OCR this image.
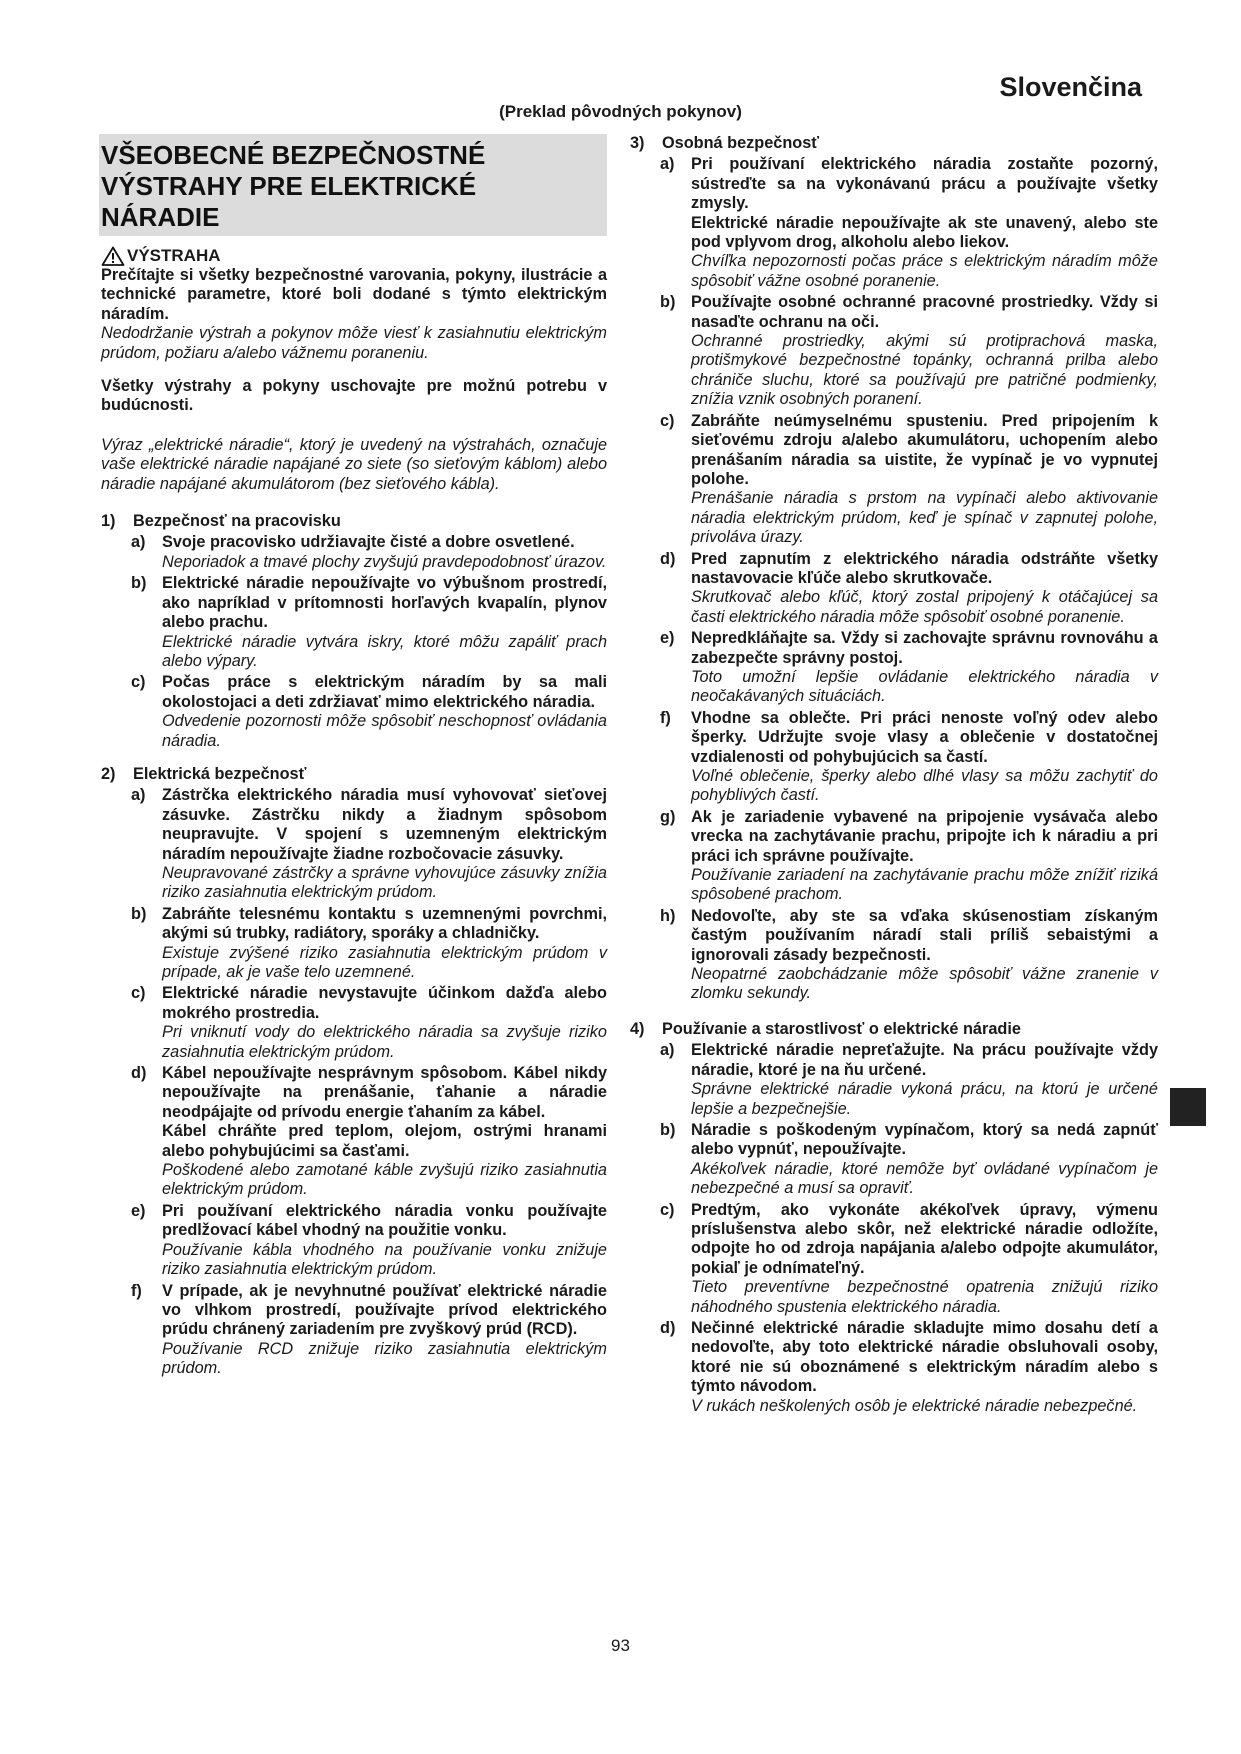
Slovenčina
(Preklad pôvodných pokynov)
VŠEOBECNÉ BEZPEČNOSTNÉ
VÝSTRAHY PRE ELEKTRICKÉ
NÁRADIE
VÝSTRAHA
Prečítajte si všetky bezpečnostné varovania, pokyny, ilustrácie a technické parametre, ktoré boli dodané s týmto elektrickým náradím.
Nedodržanie výstrah a pokynov môže viesť k zasiahnutiu elektrickým prúdom, požiaru a/alebo vážnemu poraneniu.
Všetky výstrahy a pokyny uschovajte pre možnú potrebu v budúcnosti.
Výraz „elektrické náradie“, ktorý je uvedený na výstrahách, označuje vaše elektrické náradie napájané zo siete (so sieťovým káblom) alebo náradie napájané akumulátorom (bez sieťového kábla).
1)	Bezpečnosť na pracovisku
a)	Svoje pracovisko udržiavajte čisté a dobre osvetlené.
Neporiadok a tmavé plochy zvyšujú pravdepodobnosť úrazov.
b) Elektrické náradie nepoužívajte vo výbušnom prostredí, ako napríklad v prítomnosti horľavých kvapalín, plynov alebo prachu.
Elektrické náradie vytvára iskry, ktoré môžu zapáliť prach alebo výpary.
c)	Počas práce s elektrickým náradím by sa mali okolostojaci a deti zdržiavať mimo elektrického náradia.
Odvedenie pozornosti môže spôsobiť neschopnosť ovládania náradia.
2)	Elektrická bezpečnosť
a)	Zástrčka elektrického náradia musí vyhovovať sieťovej zásuvke. Zástrčku nikdy a žiadnym spôsobom neupravujte. V spojení s uzemneným elektrickým náradím nepoužívajte žiadne rozbočovacie zásuvky.
Neupravované zástrčky a správne vyhovujúce zásuvky znížia riziko zasiahnutia elektrickým prúdom.
b) Zabráňte telesnému kontaktu s uzemnenými povrchmi, akými sú trubky, radiátory, sporáky a chladničky.
Existuje zvýšené riziko zasiahnutia elektrickým prúdom v prípade, ak je vaše telo uzemnené.
c)	Elektrické náradie nevystavujte účinkom dažďa alebo mokrého prostredia.
Pri vniknutí vody do elektrického náradia sa zvyšuje riziko zasiahnutia elektrickým prúdom.
d) Kábel nepoužívajte nesprávnym spôsobom. Kábel nikdy nepoužívajte na prenášanie, ťahanie a náradie neodpájajte od prívodu energie ťahaním za kábel.
Kábel chráňte pred teplom, olejom, ostrými hranami alebo pohybujúcimi sa časťami.
Poškodené alebo zamotané káble zvyšujú riziko zasiahnutia elektrickým prúdom.
e)	Pri používaní elektrického náradia vonku používajte predlžovací kábel vhodný na použitie vonku.
Používanie kábla vhodného na používanie vonku znižuje riziko zasiahnutia elektrickým prúdom.
f)	V prípade, ak je nevyhnutné používať elektrické náradie vo vlhkom prostredí, používajte prívod elektrického prúdu chránený zariadením pre zvyškový prúd (RCD).
Používanie RCD znižuje riziko zasiahnutia elektrickým prúdom.
3)	Osobná bezpečnosť
a)	Pri používaní elektrického náradia zostaňte pozorný, sústreďte sa na vykonávanú prácu a používajte všetky zmysly.
Elektrické náradie nepoužívajte ak ste unavený, alebo ste pod vplyvom drog, alkoholu alebo liekov.
Chvíľka nepozornosti počas práce s elektrickým náradím môže spôsobiť vážne osobné poranenie.
b) Používajte osobné ochranné pracovné prostriedky. Vždy si nasaďte ochranu na oči.
Ochranné prostriedky, akými sú protiprachová maska, protišmykové bezpečnostné topánky, ochranná prilba alebo chrániče sluchu, ktoré sa používajú pre patričné podmienky, znížia vznik osobných poranení.
c)	Zabráňte neúmyselnému spusteniu. Pred pripojením k sieťovému zdroju a/alebo akumulátoru, uchopením alebo prenášaním náradia sa uistite, že vypínač je vo vypnutej polohe.
Prenášanie náradia s prstom na vypínači alebo aktivovanie náradia elektrickým prúdom, keď je spínač v zapnutej polohe, privoláva úrazy.
d) Pred zapnutím z elektrického náradia odstráňte všetky nastavovacie kľúče alebo skrutkovače.
Skrutkovač alebo kľúč, ktorý zostal pripojený k otáčajúcej sa časti elektrického náradia môže spôsobiť osobné poranenie.
e)	Nepredkláňajte sa. Vždy si zachovajte správnu rovnováhu a zabezpečte správny postoj.
Toto umožní lepšie ovládanie elektrického náradia v neočakávaných situáciách.
f)	Vhodne sa oblečte. Pri práci nenoste voľný odev alebo šperky. Udržujte svoje vlasy a oblečenie v dostatočnej vzdialenosti od pohybujúcich sa častí.
Voľné oblečenie, šperky alebo dlhé vlasy sa môžu zachytiť do pohyblivých častí.
g) Ak je zariadenie vybavené na pripojenie vysávača alebo vrecka na zachytávanie prachu, pripojte ich k náradiu a pri práci ich správne používajte.
Používanie zariadení na zachytávanie prachu môže znížiť riziká spôsobené prachom.
h) Nedovoľte, aby ste sa vďaka skúsenostiam získaným častým používaním náradí stali príliš sebaistými a ignorovali zásady bezpečnosti.
Neopatrné zaobchádzanie môže spôsobiť vážne zranenie v zlomku sekundy.
4)	Používanie a starostlivosť o elektrické náradie
a)	Elektrické náradie nepreťažujte. Na prácu používajte vždy náradie, ktoré je na ňu určené.
Správne elektrické náradie vykoná prácu, na ktorú je určené lepšie a bezpečnejšie.
b) Náradie s poškodeným vypínačom, ktorý sa nedá zapnúť alebo vypnúť, nepoužívajte.
Akékoľvek náradie, ktoré nemôže byť ovládané vypínačom je nebezpečné a musí sa opraviť.
c)	Predtým, ako vykonáte akékoľvek úpravy, výmenu príslušenstva alebo skôr, než elektrické náradie odložíte, odpojte ho od zdroja napájania a/alebo odpojte akumulátor, pokiaľ je odnímateľný.
Tieto preventívne bezpečnostné opatrenia znižujú riziko náhodného spustenia elektrického náradia.
d) Nečinné elektrické náradie skladujte mimo dosahu detí a nedovoľte, aby toto elektrické náradie obsluhovali osoby, ktoré nie sú oboznámené s elektrickým náradím alebo s týmto návodom.
V rukách neškolených osôb je elektrické náradie nebezpečné.
93
